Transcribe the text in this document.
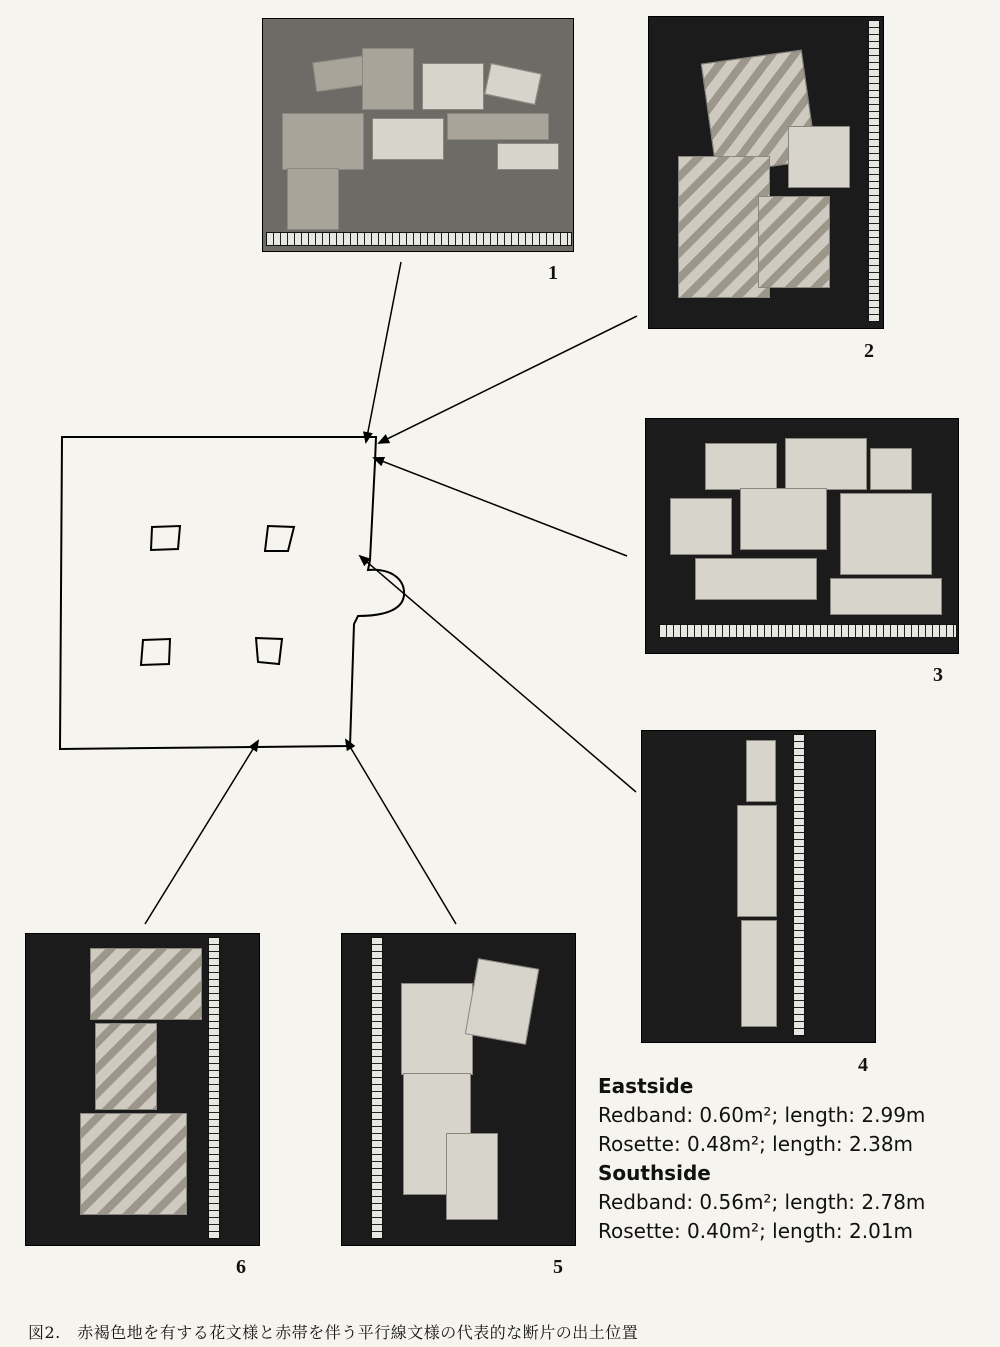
1
2
3
4
5
6
Eastside
Redband: 0.60m²; length: 2.99m
Rosette: 0.48m²; length: 2.38m
Southside
Redband: 0.56m²; length: 2.78m
Rosette: 0.40m²; length: 2.01m
図2.　赤褐色地を有する花文様と赤帯を伴う平行線文様の代表的な断片の出土位置
